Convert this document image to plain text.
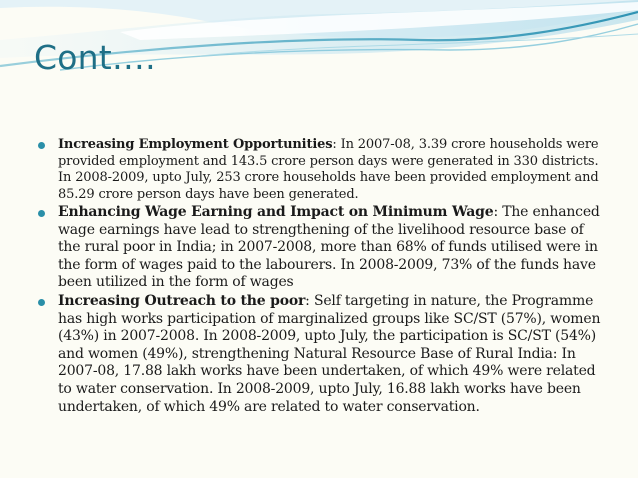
Cont….
Increasing Employment Opportunities: In 2007-08, 3.39 crore households were provided employment and 143.5 crore person days were generated in 330 districts. In 2008-2009, upto July, 253 crore households have been provided employment and 85.29 crore person days have been generated.
Enhancing Wage Earning and Impact on Minimum Wage: The enhanced wage earnings have lead to strengthening of the livelihood resource base of the rural poor in India; in 2007-2008, more than 68% of funds utilised were in the form of wages paid to the labourers. In 2008-2009, 73% of the funds have been utilized in the form of wages
Increasing Outreach to the poor: Self targeting in nature, the Programme has high works participation of marginalized groups like SC/ST (57%), women (43%) in 2007-2008. In 2008-2009, upto July, the participation is SC/ST (54%) and women (49%), strengthening Natural Resource Base of Rural India: In 2007-08, 17.88 lakh works have been undertaken, of which 49% were related to water conservation. In 2008-2009, upto July, 16.88 lakh works have been undertaken, of which 49% are related to water conservation.
